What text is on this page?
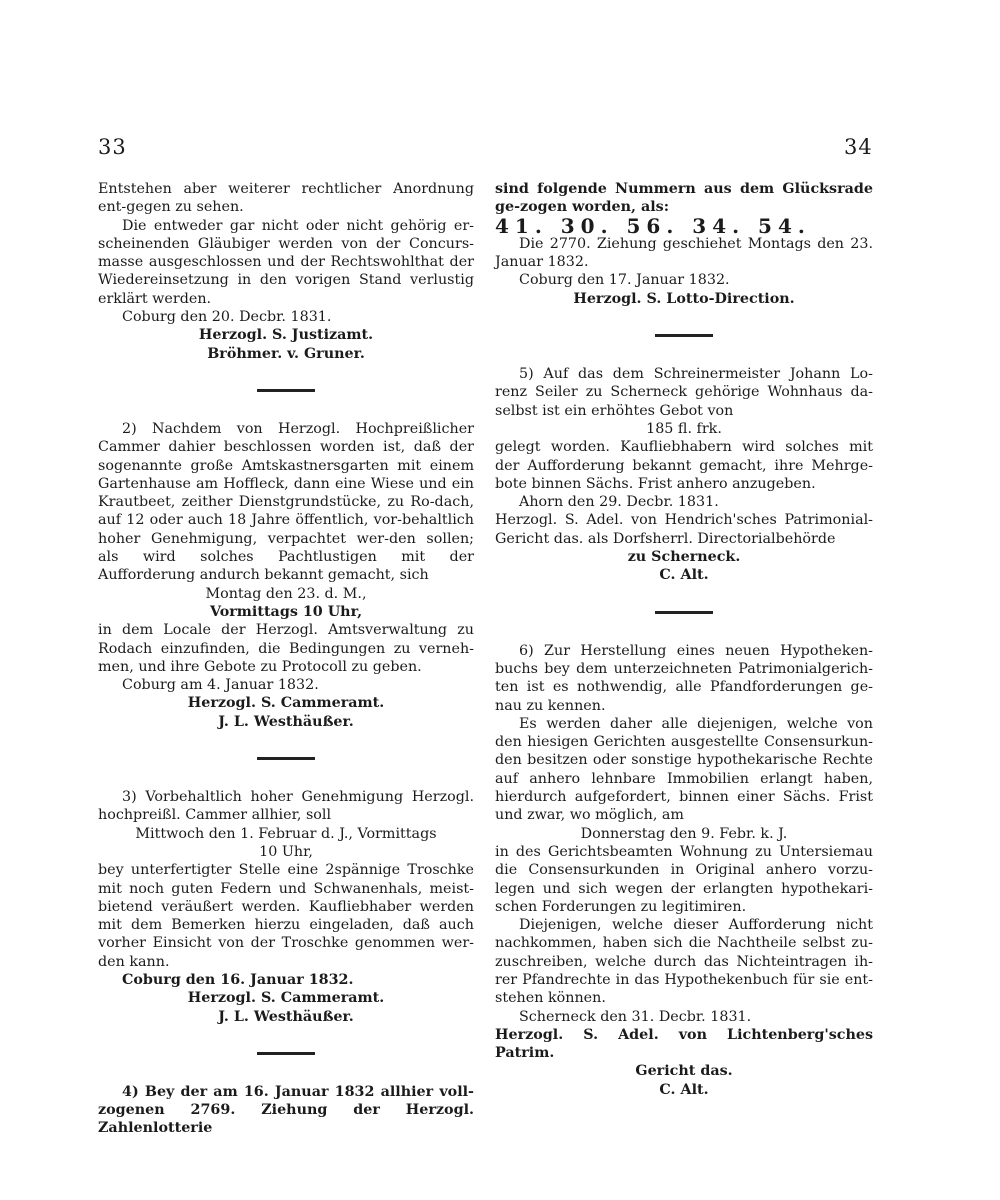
33	34

Entstehen aber weiterer rechtlicher Anordnung ent-gegen zu sehen.

Die entweder gar nicht oder nicht gehörig er-scheinenden Gläubiger werden von der Concurs-masse ausgeschlossen und der Rechtswohlthat der Wiedereinsetzung in den vorigen Stand verlustig erklärt werden.

Coburg den 20. Decbr. 1831.

Herzogl. S. Justizamt.

Bröhmer. v. Gruner.

2) Nachdem von Herzogl. Hochpreißlicher Cammer dahier beschlossen worden ist, daß der sogenannte große Amtskastnersgarten mit einem Gartenhause am Hoffleck, dann eine Wiese und ein Krautbeet, zeither Dienstgrundstücke, zu Ro-dach, auf 12 oder auch 18 Jahre öffentlich, vor-behaltlich hoher Genehmigung, verpachtet wer-den sollen; als wird solches Pachtlustigen mit der Aufforderung andurch bekannt gemacht, sich

Montag den 23. d. M.,

Vormittags 10 Uhr,

in dem Locale der Herzogl. Amtsverwaltung zu Rodach einzufinden, die Bedingungen zu verneh-men, und ihre Gebote zu Protocoll zu geben.

Coburg am 4. Januar 1832.

Herzogl. S. Cammeramt.

J. L. Westhäußer.

3) Vorbehaltlich hoher Genehmigung Herzogl. hochpreißl. Cammer allhier, soll

Mittwoch den 1. Februar d. J., Vormittags

10 Uhr,

bey unterfertigter Stelle eine 2spännige Troschke mit noch guten Federn und Schwanenhals, meist-bietend veräußert werden. Kaufliebhaber werden mit dem Bemerken hierzu eingeladen, daß auch vorher Einsicht von der Troschke genommen wer-den kann.

Coburg den 16. Januar 1832.

Herzogl. S. Cammeramt.

J. L. Westhäußer.

4) Bey der am 16. Januar 1832 allhier voll-zogenen 2769. Ziehung der Herzogl. Zahlenlotterie

sind folgende Nummern aus dem Glücksrade ge-zogen worden, als:

41. 30. 56. 34. 54.

Die 2770. Ziehung geschiehet Montags den 23. Januar 1832.

Coburg den 17. Januar 1832.

Herzogl. S. Lotto-Direction.

5) Auf das dem Schreinermeister Johann Lo-renz Seiler zu Scherneck gehörige Wohnhaus da-selbst ist ein erhöhtes Gebot von

185 fl. frk.

gelegt worden. Kaufliebhabern wird solches mit der Aufforderung bekannt gemacht, ihre Mehrge-bote binnen Sächs. Frist anhero anzugeben.

Ahorn den 29. Decbr. 1831.

Herzogl. S. Adel. von Hendrich'sches Patrimonial-Gericht das. als Dorfsherrl. Directorialbehörde

zu Scherneck.

C. Alt.

6) Zur Herstellung eines neuen Hypotheken-buchs bey dem unterzeichneten Patrimonialgerich-ten ist es nothwendig, alle Pfandforderungen ge-nau zu kennen.

Es werden daher alle diejenigen, welche von den hiesigen Gerichten ausgestellte Consensurkun-den besitzen oder sonstige hypothekarische Rechte auf anhero lehnbare Immobilien erlangt haben, hierdurch aufgefordert, binnen einer Sächs. Frist und zwar, wo möglich, am

Donnerstag den 9. Febr. k. J.

in des Gerichtsbeamten Wohnung zu Untersiemau die Consensurkunden in Original anhero vorzu-legen und sich wegen der erlangten hypothekari-schen Forderungen zu legitimiren.

Diejenigen, welche dieser Aufforderung nicht nachkommen, haben sich die Nachtheile selbst zu-zuschreiben, welche durch das Nichteintragen ih-rer Pfandrechte in das Hypothekenbuch für sie ent-stehen können.

Scherneck den 31. Decbr. 1831.

Herzogl. S. Adel. von Lichtenberg'sches Patrim.

Gericht das.

C. Alt.
